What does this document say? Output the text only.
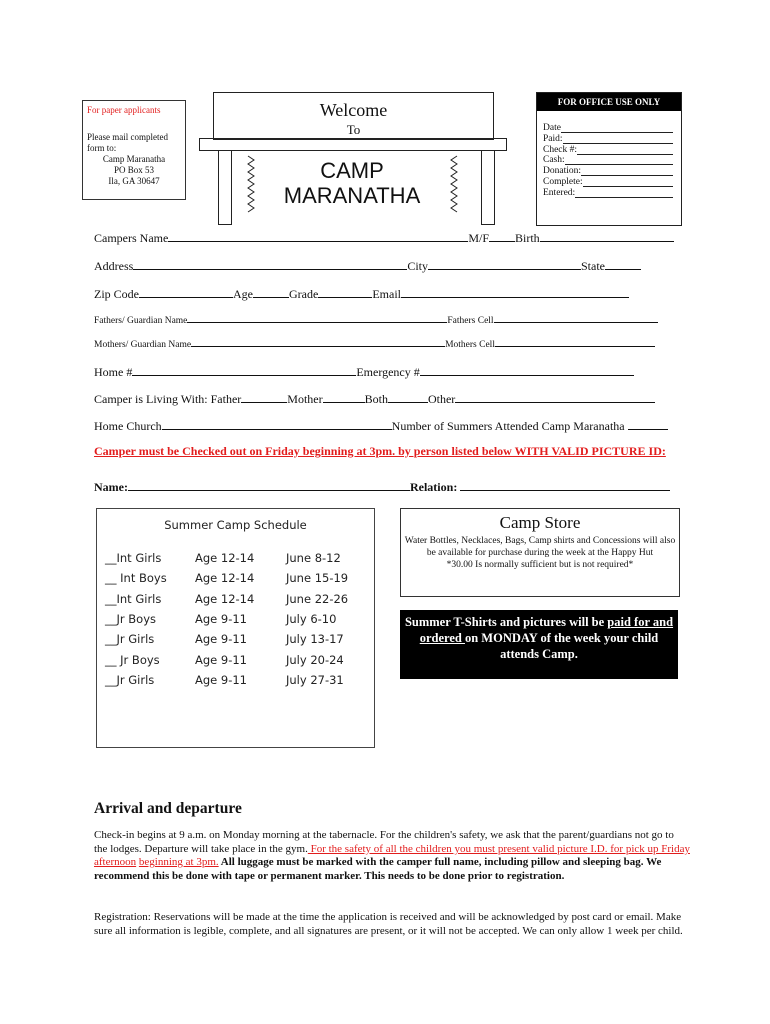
For paper applicants
Please mail completed
form to:
Camp Maranatha
PO Box 53
Ila, GA 30647
Welcome
To
CAMP
MARANATHA
FOR OFFICE USE ONLY
Date
Paid:
Check #:
Cash:
Donation:
Complete:
Entered:
Campers Name	M/F Birth
Address	City	State
Zip Code	Age	Grade	Email
Fathers/ Guardian Name	Fathers Cell
Mothers/ Guardian Name	Mothers Cell
Home #	Emergency #
Camper is Living With: Father	Mother	Both	Other
Home Church	Number of Summers Attended Camp Maranatha
Camper must be Checked out on Friday beginning at 3pm. by person listed below WITH VALID PICTURE ID:
Name:	Relation:
Summer Camp Schedule
__Int Girls	Age 12-14	June 8-12
__ Int Boys	Age 12-14	June 15-19
__Int Girls	Age 12-14	June 22-26
__Jr Boys	Age 9-11	July 6-10
__Jr Girls	Age 9-11	July 13-17
__ Jr Boys	Age 9-11	July 20-24
__Jr Girls	Age 9-11	July 27-31
Camp Store
Water Bottles, Necklaces, Bags, Camp shirts and Concessions will also be available for purchase during the week at the Happy Hut
*30.00 Is normally sufficient but is not required*
Summer T-Shirts and pictures will be paid for and ordered on MONDAY of the week your child attends Camp.
Arrival and departure
Check-in begins at 9 a.m. on Monday morning at the tabernacle. For the children's safety, we ask that the parent/guardians not go to the lodges. Departure will take place in the gym. For the safety of all the children you must present valid picture I.D. for pick up Friday afternoon beginning at 3pm. All luggage must be marked with the camper full name, including pillow and sleeping bag. We recommend this be done with tape or permanent marker. This needs to be done prior to registration.
Registration: Reservations will be made at the time the application is received and will be acknowledged by post card or email. Make sure all information is legible, complete, and all signatures are present, or it will not be accepted. We can only allow 1 week per child.
